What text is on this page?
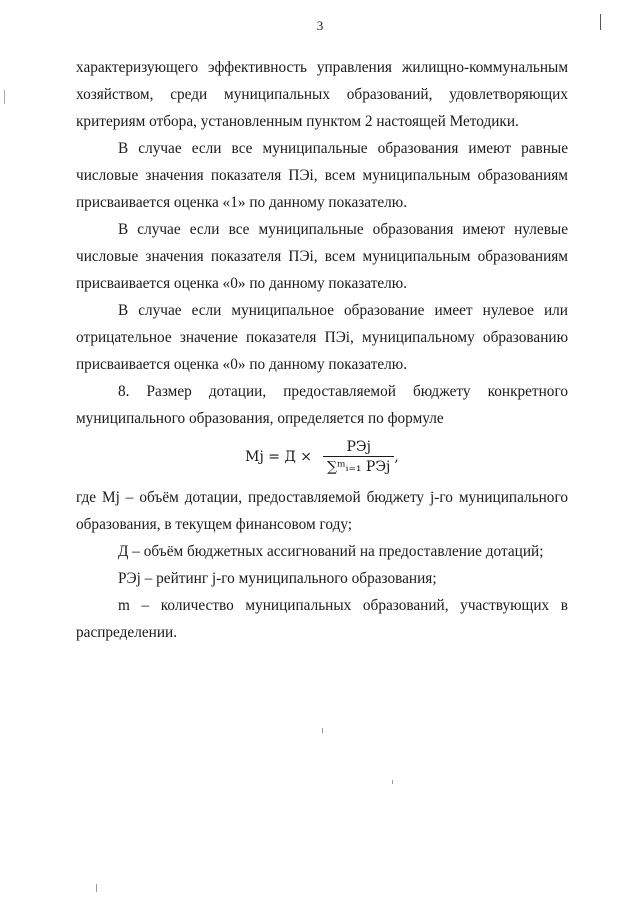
3

характеризующего эффективность управления жилищно-коммунальным хозяйством, среди муниципальных образований, удовлетворяющих критериям отбора, установленным пунктом 2 настоящей Методики.

В случае если все муниципальные образования имеют равные числовые значения показателя ПЭi, всем муниципальным образованиям присваивается оценка «1» по данному показателю.

В случае если все муниципальные образования имеют нулевые числовые значения показателя ПЭi, всем муниципальным образованиям присваивается оценка «0» по данному показателю.

В случае если муниципальное образование имеет нулевое или отрицательное значение показателя ПЭi, муниципальному образованию присваивается оценка «0» по данному показателю.

8. Размер дотации, предоставляемой бюджету конкретного муниципального образования, определяется по формуле

Мj = $Д \times \frac{\text{РЭj}}{\text{∑ᵐᵢ₌₁ РЭj}}$ ,

где Мj – объём дотации, предоставляемой бюджету j-го муниципального образования, в текущем финансовом году;

Д – объём бюджетных ассигнований на предоставление дотаций;

РЭj – рейтинг j-го муниципального образования;

m – количество муниципальных образований, участвующих в распределении.
